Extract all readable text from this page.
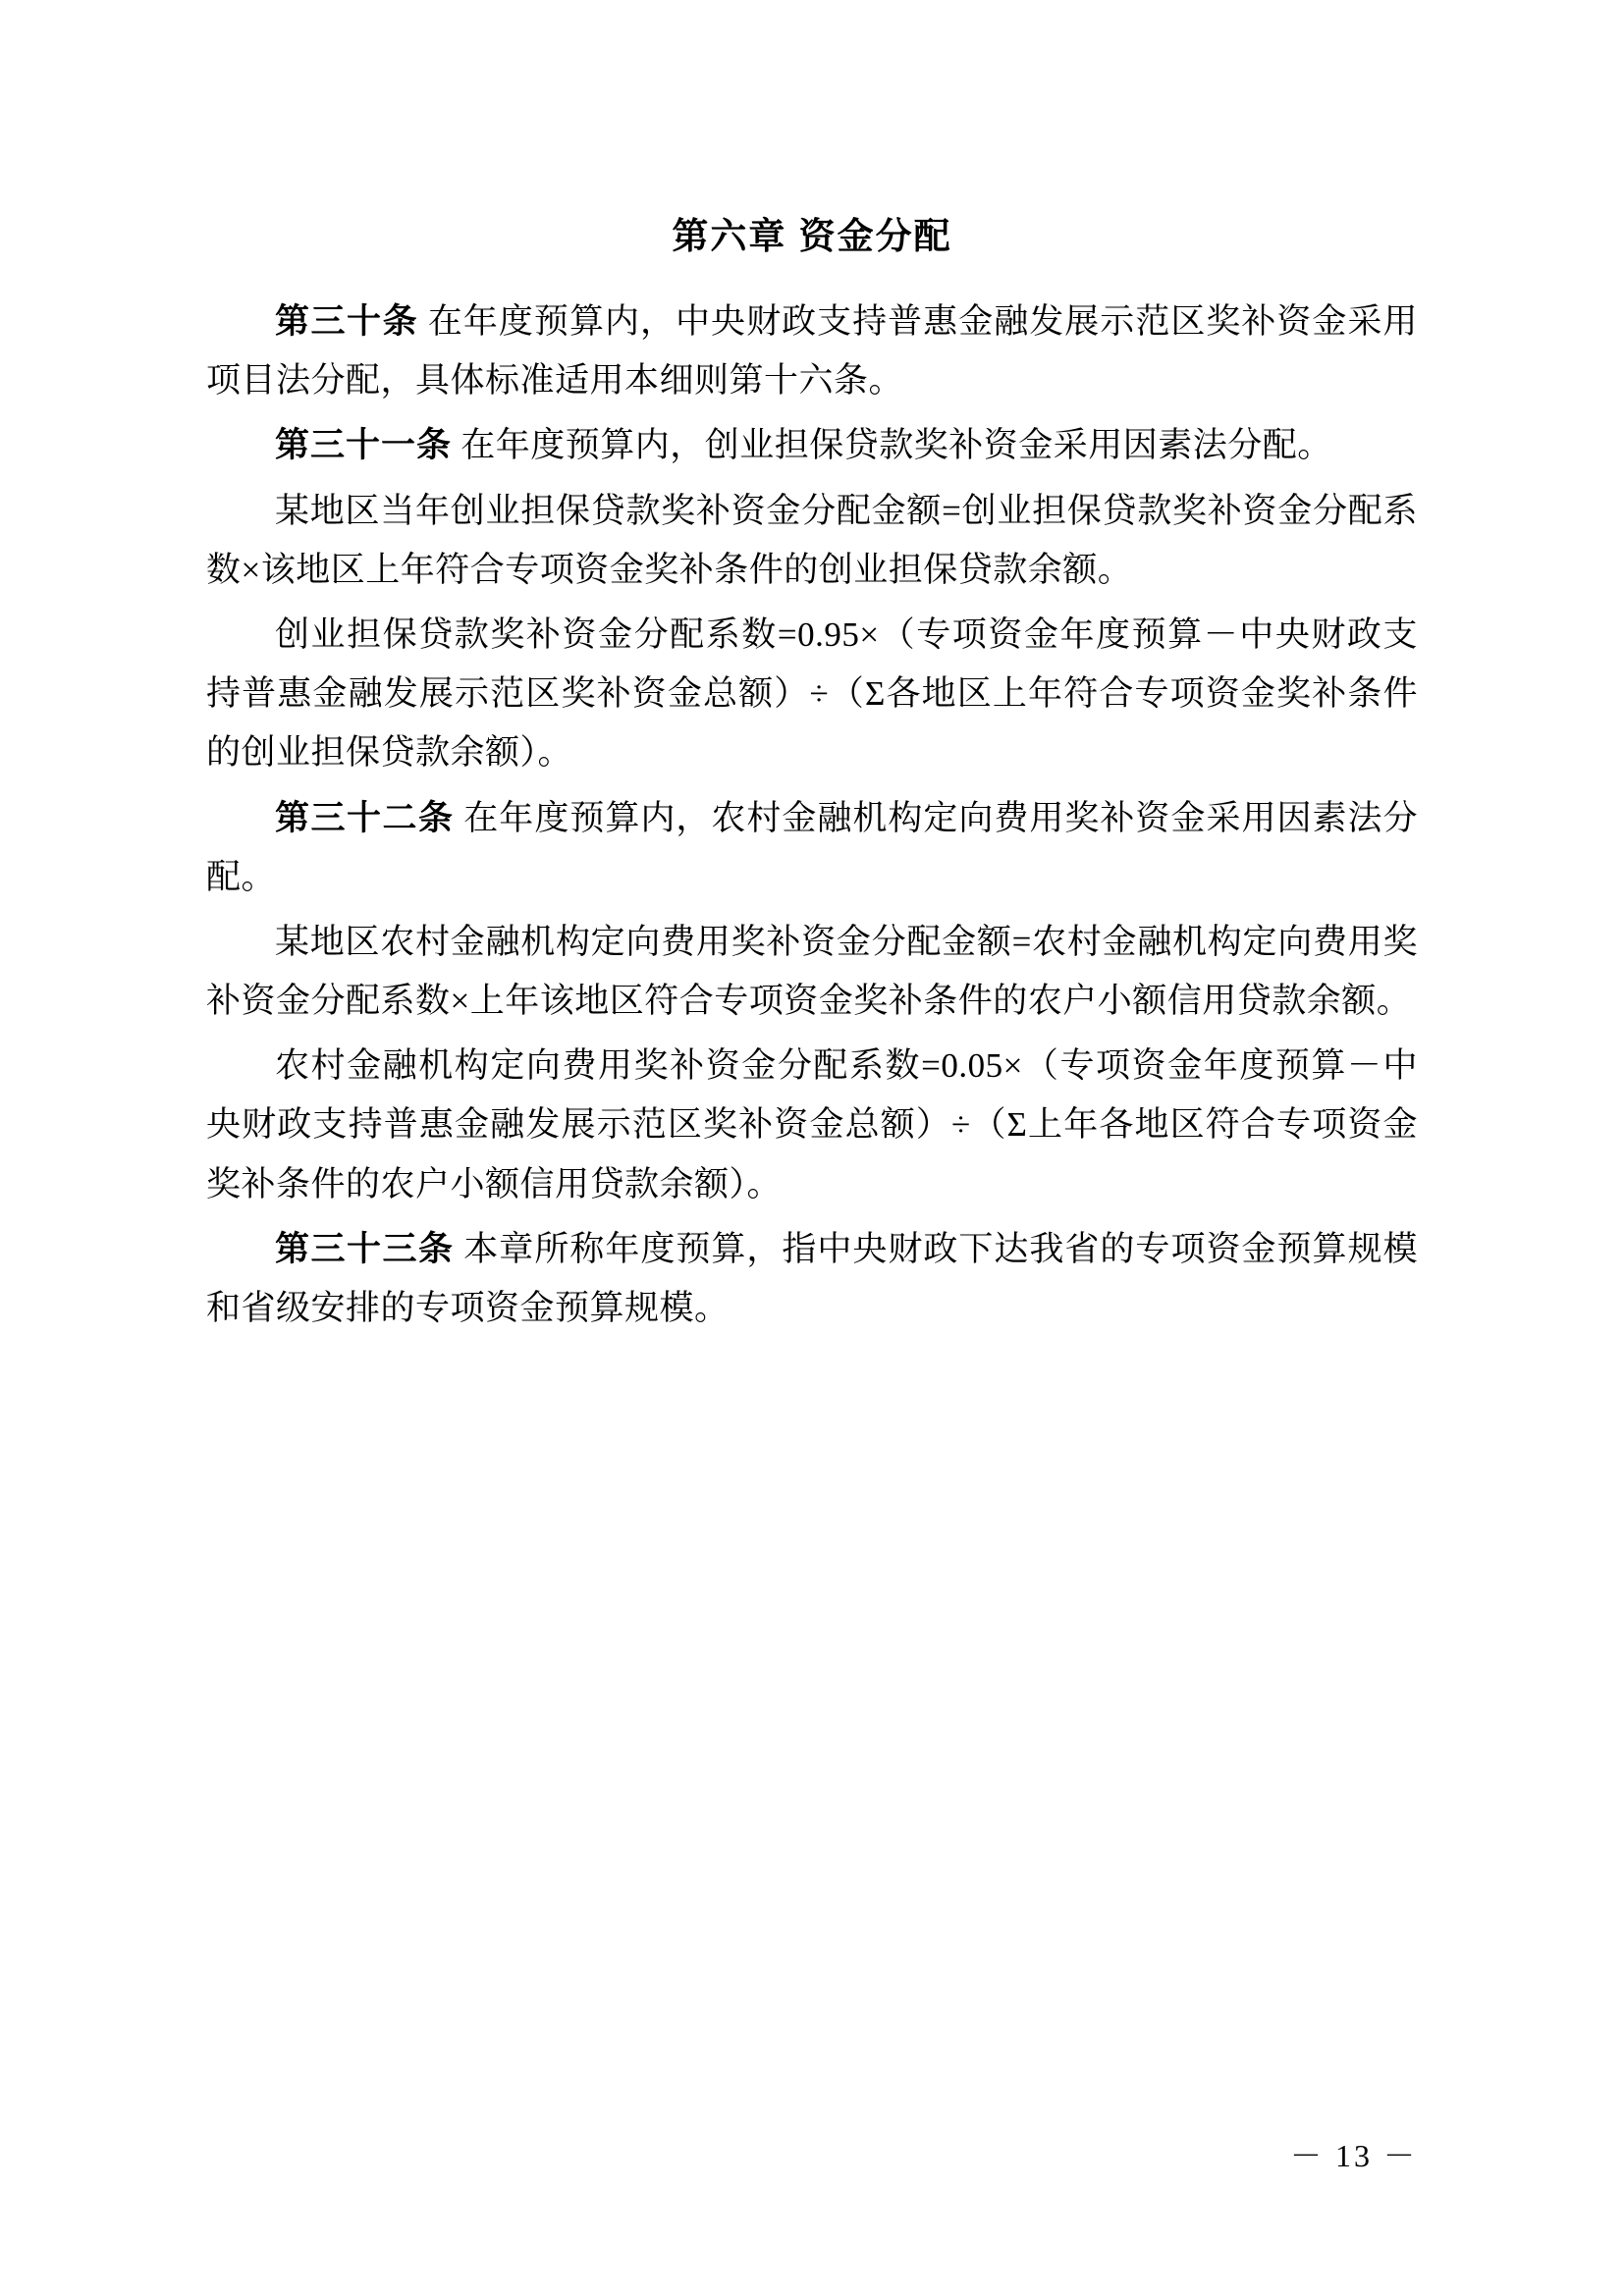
第六章 资金分配

第三十条 在年度预算内，中央财政支持普惠金融发展示范区奖补资金采用项目法分配，具体标准适用本细则第十六条。

第三十一条 在年度预算内，创业担保贷款奖补资金采用因素法分配。

某地区当年创业担保贷款奖补资金分配金额=创业担保贷款奖补资金分配系数×该地区上年符合专项资金奖补条件的创业担保贷款余额。

创业担保贷款奖补资金分配系数=0.95×（专项资金年度预算－中央财政支持普惠金融发展示范区奖补资金总额）÷（Σ各地区上年符合专项资金奖补条件的创业担保贷款余额）。

第三十二条 在年度预算内，农村金融机构定向费用奖补资金采用因素法分配。

某地区农村金融机构定向费用奖补资金分配金额=农村金融机构定向费用奖补资金分配系数×上年该地区符合专项资金奖补条件的农户小额信用贷款余额。

农村金融机构定向费用奖补资金分配系数=0.05×（专项资金年度预算－中央财政支持普惠金融发展示范区奖补资金总额）÷（Σ上年各地区符合专项资金奖补条件的农户小额信用贷款余额）。

第三十三条 本章所称年度预算，指中央财政下达我省的专项资金预算规模和省级安排的专项资金预算规模。

－ 13 －
